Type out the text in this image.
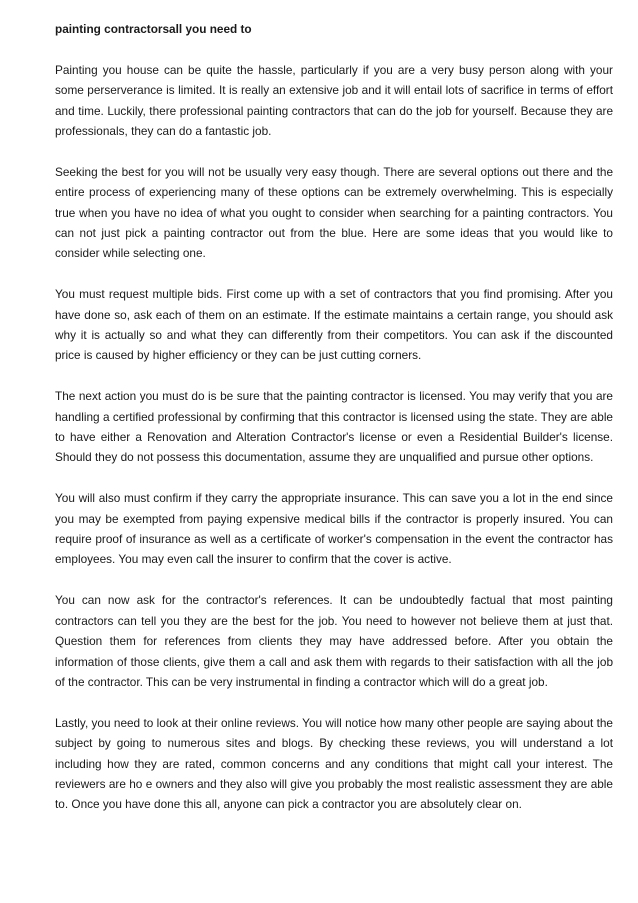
painting contractorsall you need to

Painting you house can be quite the hassle, particularly if you are a very busy person along with your some perserverance is limited. It is really an extensive job and it will entail lots of sacrifice in terms of effort and time. Luckily, there professional painting contractors that can do the job for yourself. Because they are professionals, they can do a fantastic job.

Seeking the best for you will not be usually very easy though. There are several options out there and the entire process of experiencing many of these options can be extremely overwhelming. This is especially true when you have no idea of what you ought to consider when searching for a painting contractors. You can not just pick a painting contractor out from the blue. Here are some ideas that you would like to consider while selecting one.

You must request multiple bids. First come up with a set of contractors that you find promising. After you have done so, ask each of them on an estimate. If the estimate maintains a certain range, you should ask why it is actually so and what they can differently from their competitors. You can ask if the discounted price is caused by higher efficiency or they can be just cutting corners.

The next action you must do is be sure that the painting contractor is licensed. You may verify that you are handling a certified professional by confirming that this contractor is licensed using the state. They are able to have either a Renovation and Alteration Contractor's license or even a Residential Builder's license. Should they do not possess this documentation, assume they are unqualified and pursue other options.

You will also must confirm if they carry the appropriate insurance. This can save you a lot in the end since you may be exempted from paying expensive medical bills if the contractor is properly insured. You can require proof of insurance as well as a certificate of worker's compensation in the event the contractor has employees. You may even call the insurer to confirm that the cover is active.

You can now ask for the contractor's references. It can be undoubtedly factual that most painting contractors can tell you they are the best for the job. You need to however not believe them at just that. Question them for references from clients they may have addressed before. After you obtain the information of those clients, give them a call and ask them with regards to their satisfaction with all the job of the contractor. This can be very instrumental in finding a contractor which will do a great job.

Lastly, you need to look at their online reviews. You will notice how many other people are saying about the subject by going to numerous sites and blogs. By checking these reviews, you will understand a lot including how they are rated, common concerns and any conditions that might call your interest. The reviewers are ho e owners and they also will give you probably the most realistic assessment they are able to. Once you have done this all, anyone can pick a contractor you are absolutely clear on.
